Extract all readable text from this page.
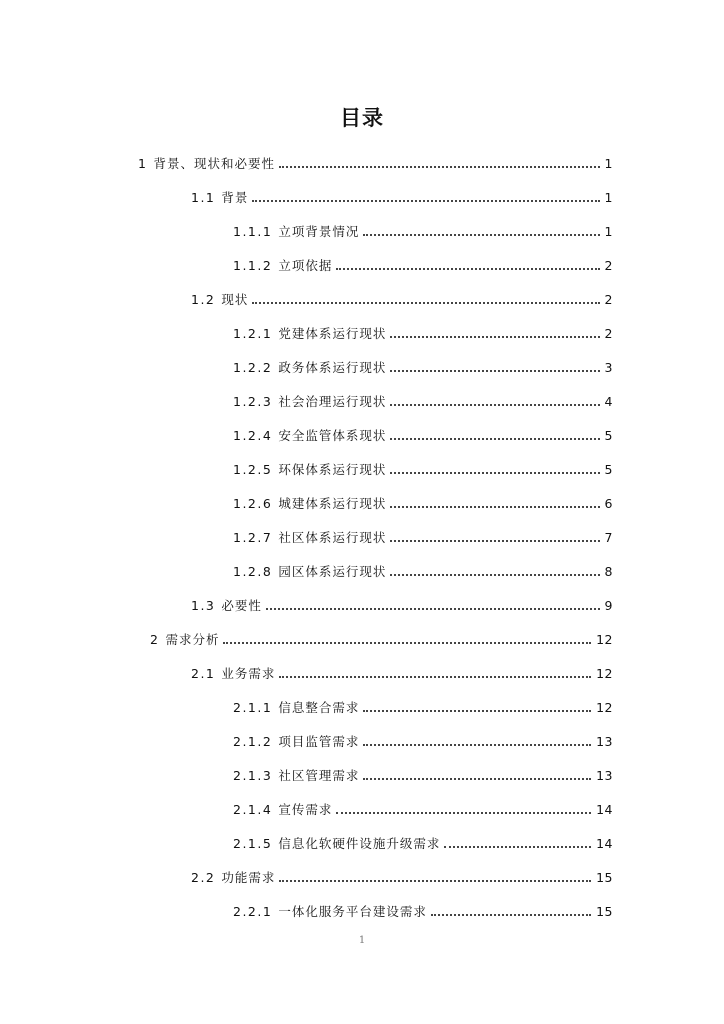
目录
1 背景、现状和必要性	1
1.1 背景	1
1.1.1 立项背景情况	1
1.1.2 立项依据	2
1.2 现状	2
1.2.1 党建体系运行现状	2
1.2.2 政务体系运行现状	3
1.2.3 社会治理运行现状	4
1.2.4 安全监管体系现状	5
1.2.5 环保体系运行现状	5
1.2.6 城建体系运行现状	6
1.2.7 社区体系运行现状	7
1.2.8 园区体系运行现状	8
1.3 必要性	9
2 需求分析	12
2.1 业务需求	12
2.1.1 信息整合需求	12
2.1.2 项目监管需求	13
2.1.3 社区管理需求	13
2.1.4 宣传需求	14
2.1.5 信息化软硬件设施升级需求	14
2.2 功能需求	15
2.2.1 一体化服务平台建设需求	15
1
